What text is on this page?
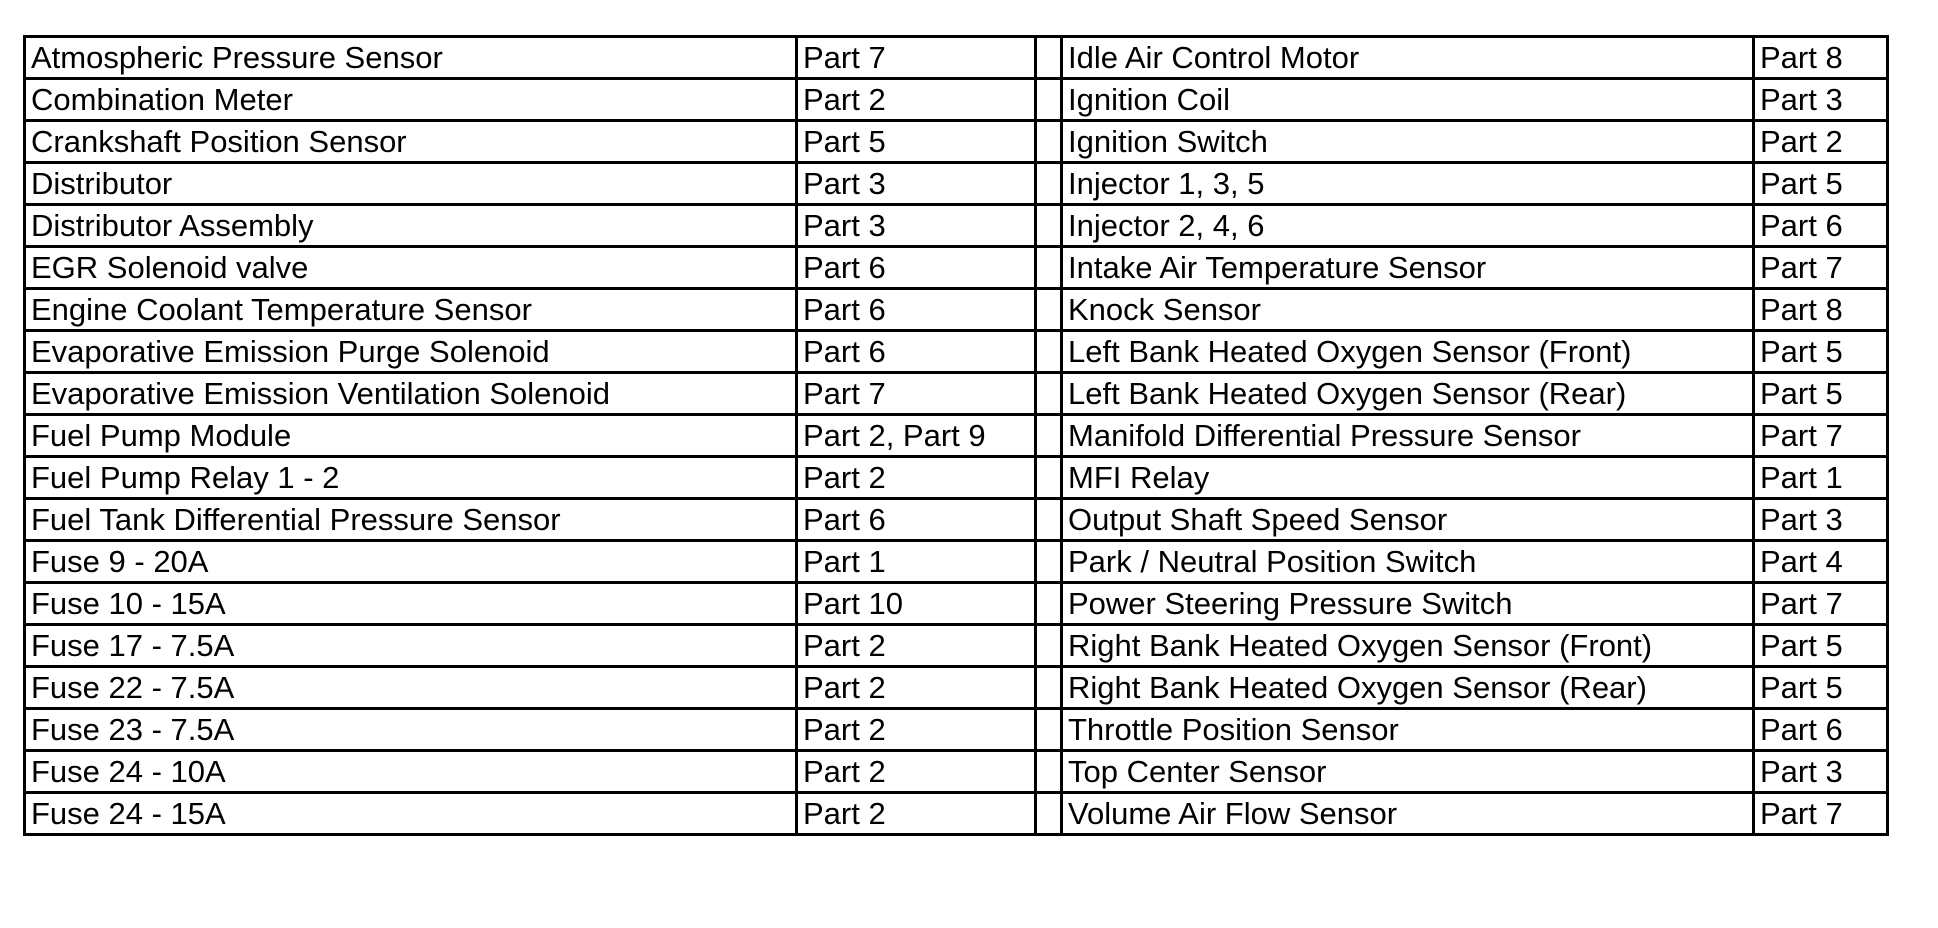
Atmospheric Pressure Sensor	Part 7		Idle Air Control Motor	Part 8
Combination Meter	Part 2		Ignition Coil	Part 3
Crankshaft Position Sensor	Part 5		Ignition Switch	Part 2
Distributor	Part 3		Injector 1, 3, 5	Part 5
Distributor Assembly	Part 3		Injector 2, 4, 6	Part 6
EGR Solenoid valve	Part 6		Intake Air Temperature Sensor	Part 7
Engine Coolant Temperature Sensor	Part 6		Knock Sensor	Part 8
Evaporative Emission Purge Solenoid	Part 6		Left Bank Heated Oxygen Sensor (Front)	Part 5
Evaporative Emission Ventilation Solenoid	Part 7		Left Bank Heated Oxygen Sensor (Rear)	Part 5
Fuel Pump Module	Part 2, Part 9		Manifold Differential Pressure Sensor	Part 7
Fuel Pump Relay 1 - 2	Part 2		MFI Relay	Part 1
Fuel Tank Differential Pressure Sensor	Part 6		Output Shaft Speed Sensor	Part 3
Fuse 9 - 20A	Part 1		Park / Neutral Position Switch	Part 4
Fuse 10 - 15A	Part 10		Power Steering Pressure Switch	Part 7
Fuse 17 - 7.5A	Part 2		Right Bank Heated Oxygen Sensor (Front)	Part 5
Fuse 22 - 7.5A	Part 2		Right Bank Heated Oxygen Sensor (Rear)	Part 5
Fuse 23 - 7.5A	Part 2		Throttle Position Sensor	Part 6
Fuse 24 - 10A	Part 2		Top Center Sensor	Part 3
Fuse 24 - 15A	Part 2		Volume Air Flow Sensor	Part 7
